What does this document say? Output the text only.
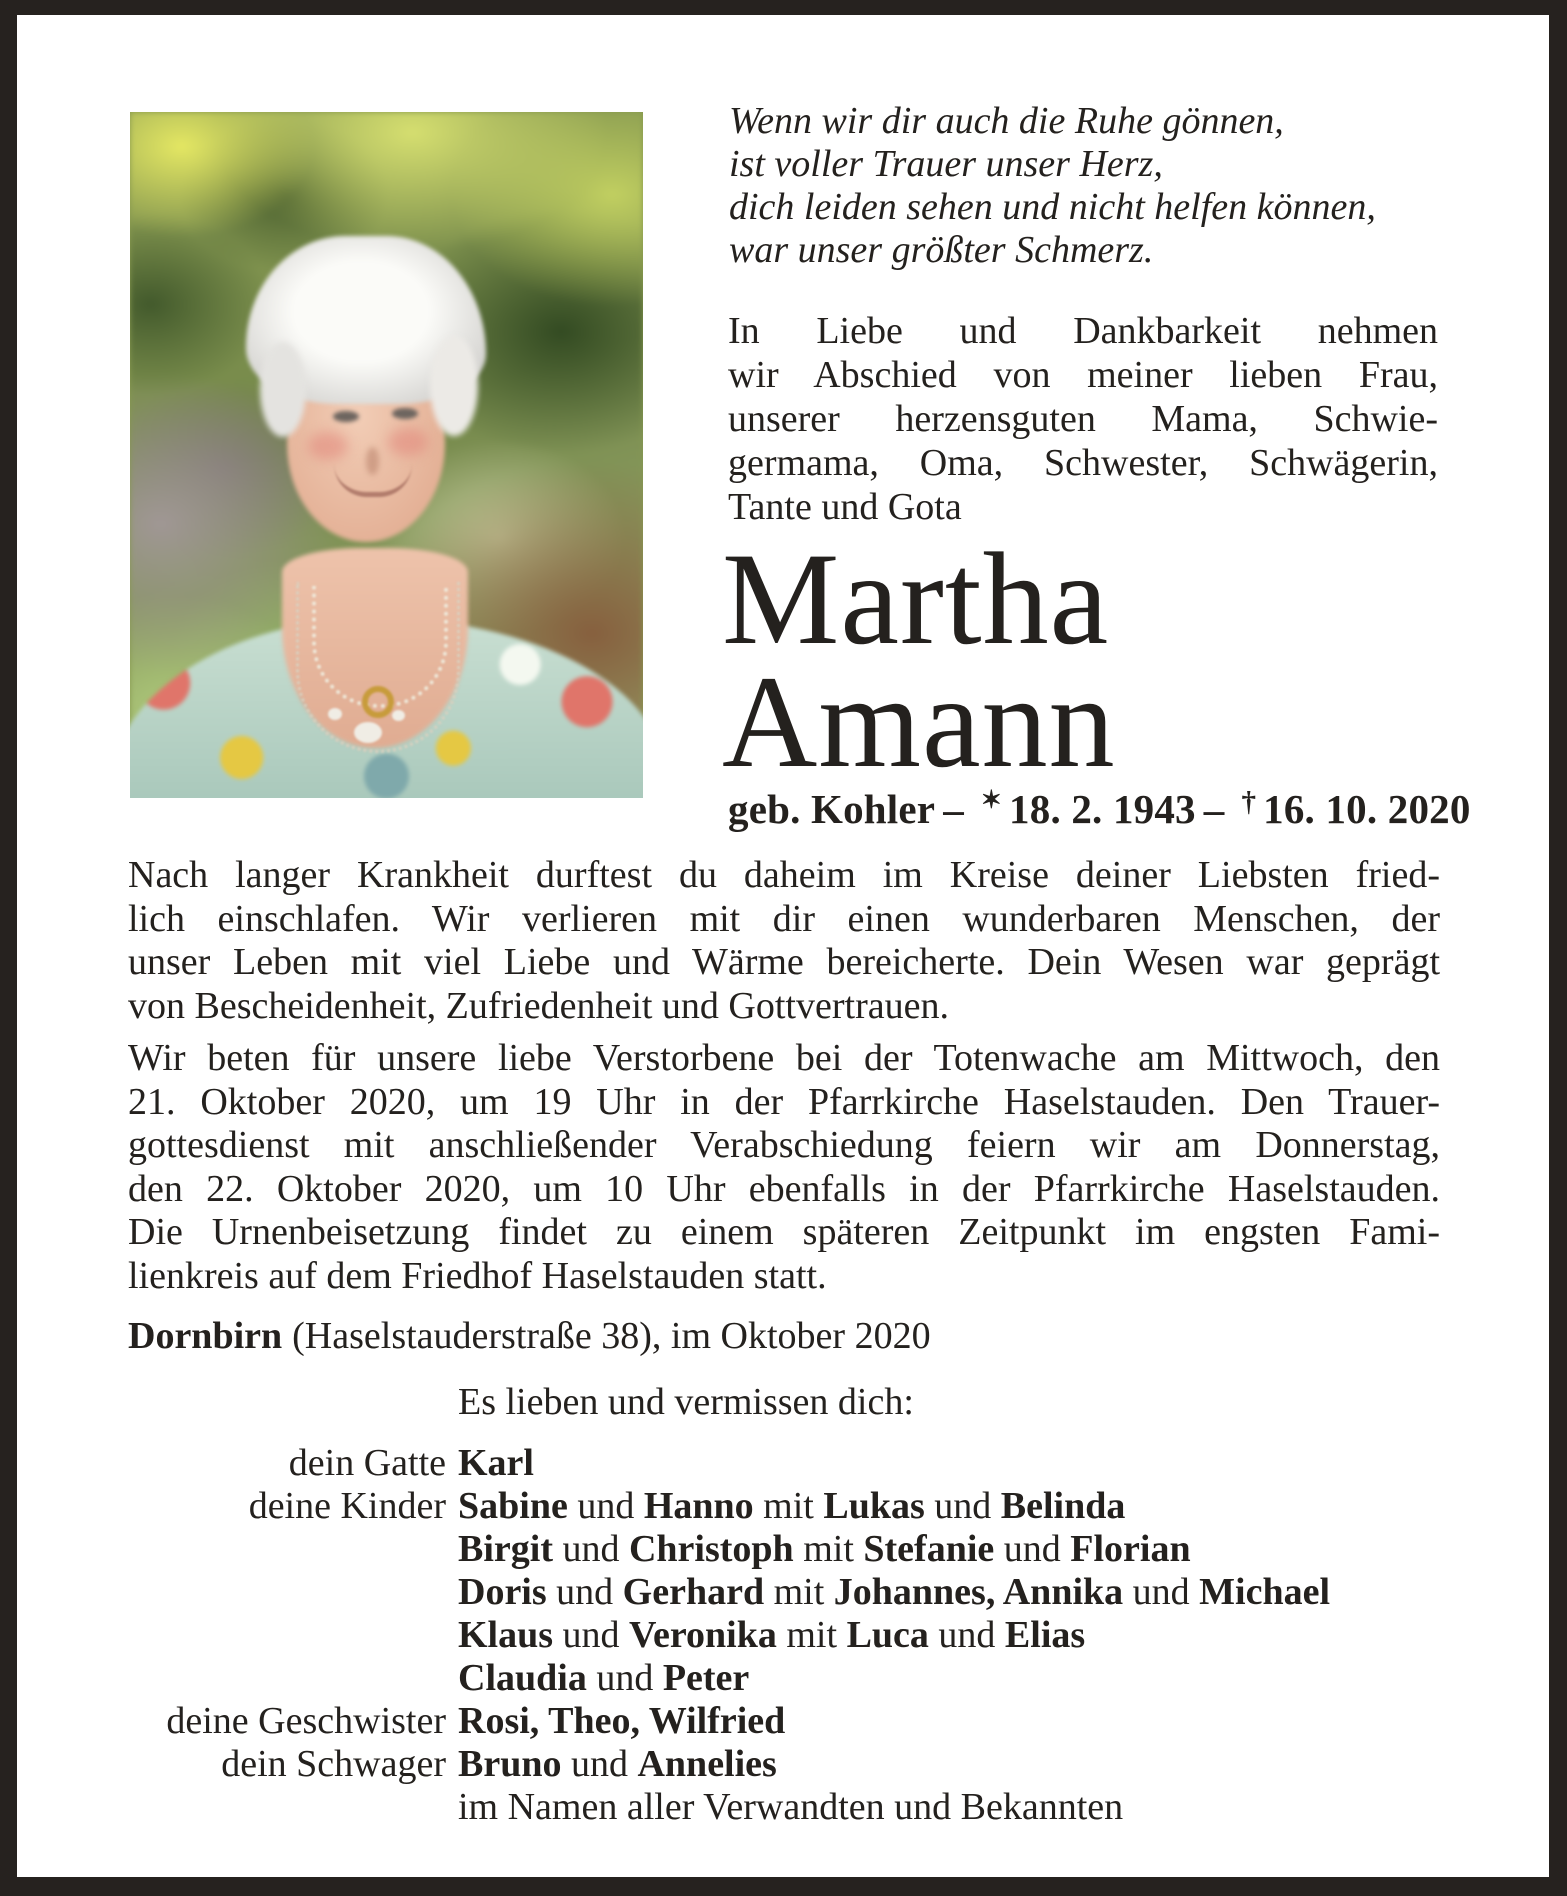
Wenn wir dir auch die Ruhe gönnen,
ist voller Trauer unser Herz,
dich leiden sehen und nicht helfen können,
war unser größter Schmerz.
In Liebe und Dankbarkeit nehmen
wir Abschied von meiner lieben Frau,
unserer herzensguten Mama, Schwie-
germama, Oma, Schwester, Schwägerin,
Tante und Gota
Martha
Amann
geb. Kohler – ✶ 18. 2. 1943 – † 16. 10. 2020
Nach langer Krankheit durftest du daheim im Kreise deiner Liebsten fried-
lich einschlafen. Wir verlieren mit dir einen wunderbaren Menschen, der
unser Leben mit viel Liebe und Wärme bereicherte. Dein Wesen war geprägt
von Bescheidenheit, Zufriedenheit und Gottvertrauen.
Wir beten für unsere liebe Verstorbene bei der Totenwache am Mittwoch, den
21. Oktober 2020, um 19 Uhr in der Pfarrkirche Haselstauden. Den Trauer-
gottesdienst mit anschließender Verabschiedung feiern wir am Donnerstag,
den 22. Oktober 2020, um 10 Uhr ebenfalls in der Pfarrkirche Haselstauden.
Die Urnenbeisetzung findet zu einem späteren Zeitpunkt im engsten Fami-
lienkreis auf dem Friedhof Haselstauden statt.
Dornbirn (Haselstauderstraße 38), im Oktober 2020
Es lieben und vermissen dich:
dein Gatte Karl
deine Kinder Sabine und Hanno mit Lukas und Belinda
Birgit und Christoph mit Stefanie und Florian
Doris und Gerhard mit Johannes, Annika und Michael
Klaus und Veronika mit Luca und Elias
Claudia und Peter
deine Geschwister Rosi, Theo, Wilfried
dein Schwager Bruno und Annelies
im Namen aller Verwandten und Bekannten
